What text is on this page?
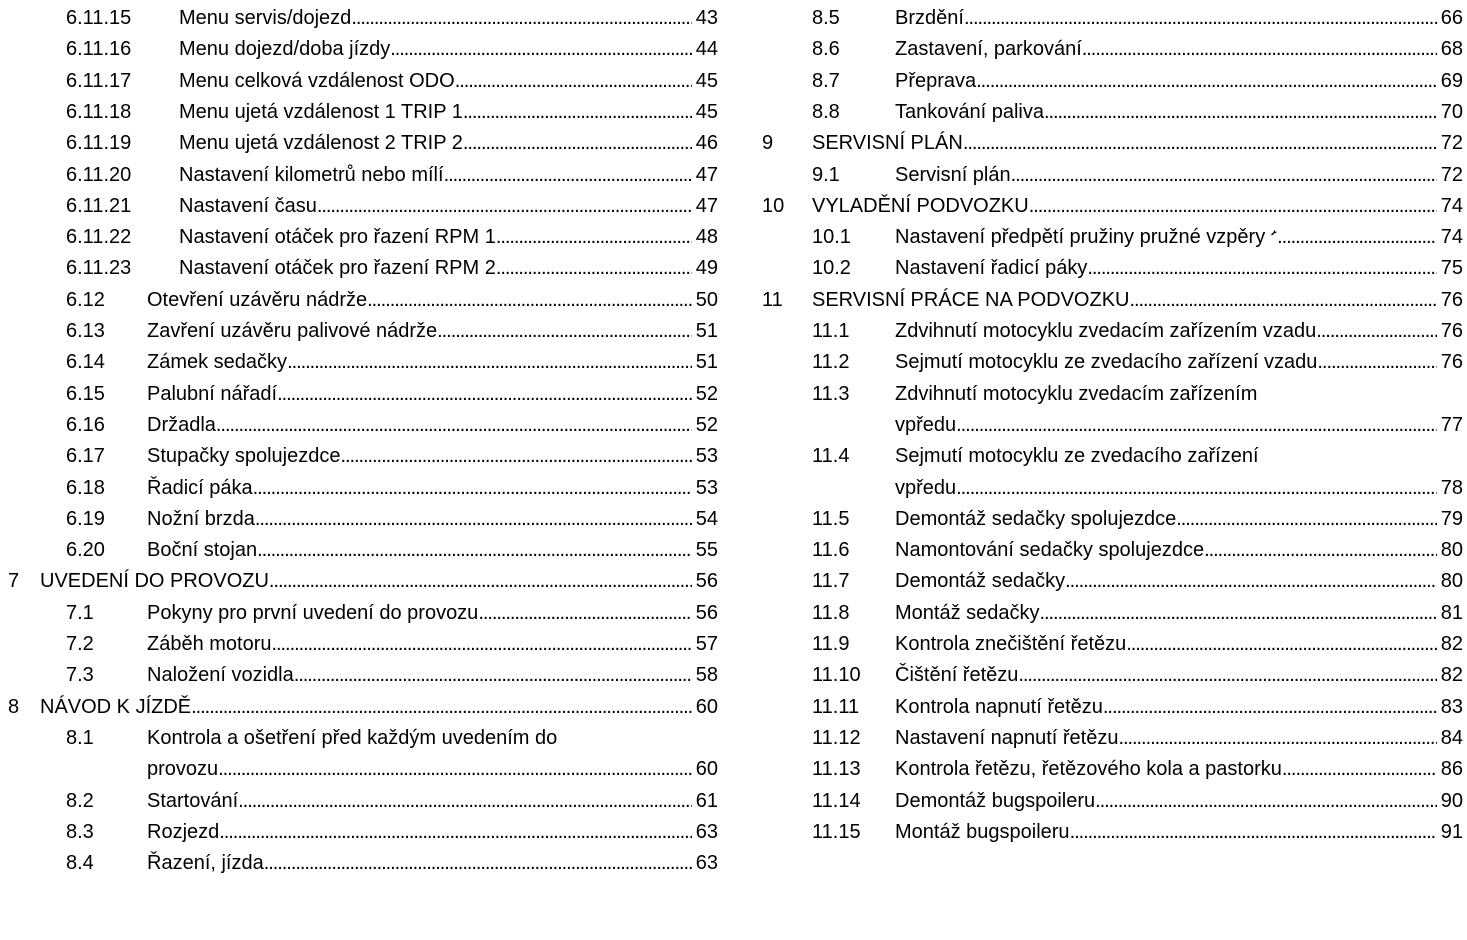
6.11.15 Menu servis/dojezd . . .	43
6.11.16 Menu dojezd/doba jízdy . . .	44
6.11.17 Menu celková vzdálenost ODO . . .	45
6.11.18 Menu ujetá vzdálenost 1 TRIP 1 . . .	45
6.11.19 Menu ujetá vzdálenost 2 TRIP 2 . . .	46
6.11.20 Nastavení kilometrů nebo mílí . . .	47
6.11.21 Nastavení času . . .	47
6.11.22 Nastavení otáček pro řazení RPM 1 . . .	48
6.11.23 Nastavení otáček pro řazení RPM 2 . . .	49
6.12 Otevření uzávěru nádrže . . .	50
6.13 Zavření uzávěru palivové nádrže . . .	51
6.14 Zámek sedačky . . .	51
6.15 Palubní nářadí . . .	52
6.16 Držadla . . .	52
6.17 Stupačky spolujezdce . . .	53
6.18 Řadicí páka . . .	53
6.19 Nožní brzda . . .	54
6.20 Boční stojan . . .	55
7 UVEDENÍ DO PROVOZU . . .	56
7.1	Pokyny pro první uvedení do provozu . . .	56
7.2	Záběh motoru . . .	57
7.3	Naložení vozidla . . .	58
8 NÁVOD K JÍZDĚ . . .	60
8.1	Kontrola a ošetření před každým uvedením do
provozu . . .	60
8.2	Startování . . .	61
8.3	Rozjezd . . .	63
8.4	Řazení, jízda . . .	63
8.5	Brzdění . . .	66
8.6	Zastavení, parkování . . .	68
8.7	Přeprava . . .	69
8.8	Tankování paliva . . .	70
9 SERVISNÍ PLÁN . . .	72
9.1	Servisní plán . . .	72
10 VYLADĚNÍ PODVOZKU . . .	74
10.1 Nastavení předpětí pružiny pružné vzpěry . . .	74
10.2 Nastavení řadicí páky . . .	75
11 SERVISNÍ PRÁCE NA PODVOZKU . . .	76
11.1 Zdvihnutí motocyklu zvedacím zařízením vzadu . . .	76
11.2 Sejmutí motocyklu ze zvedacího zařízení vzadu . . .	76
11.3 Zdvihnutí motocyklu zvedacím zařízením
vpředu . . .	77
11.4 Sejmutí motocyklu ze zvedacího zařízení
vpředu . . .	78
11.5 Demontáž sedačky spolujezdce . . .	79
11.6 Namontování sedačky spolujezdce . . .	80
11.7 Demontáž sedačky . . .	80
11.8 Montáž sedačky . . .	81
11.9 Kontrola znečištění řetězu . . .	82
11.10 Čištění řetězu . . .	82
11.11 Kontrola napnutí řetězu . . .	83
11.12 Nastavení napnutí řetězu . . .	84
11.13 Kontrola řetězu, řetězového kola a pastorku . . .	86
11.14 Demontáž bugspoileru . . .	90
11.15 Montáž bugspoileru . . .	91
